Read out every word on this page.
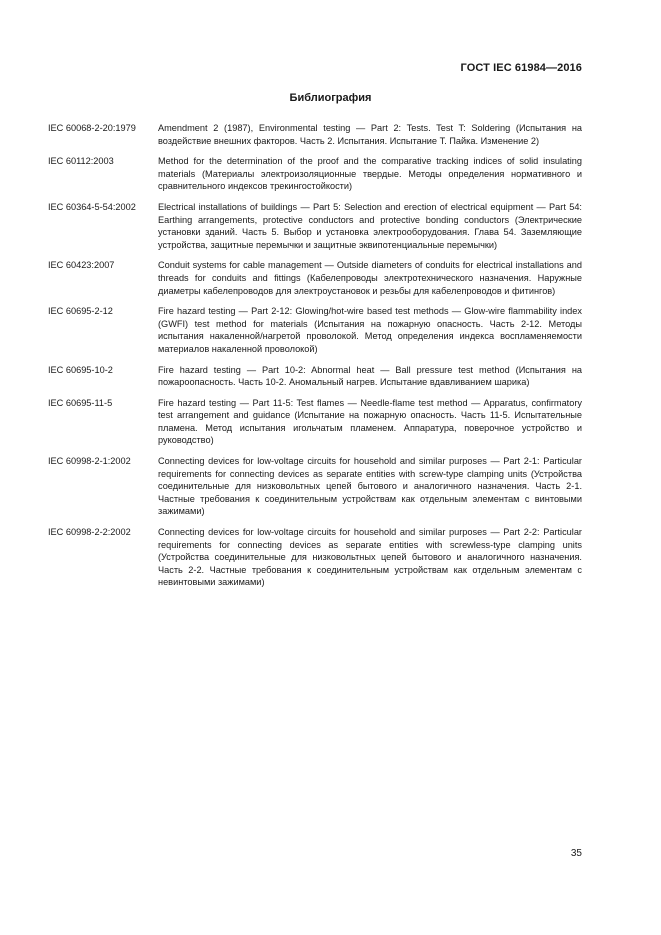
ГОСТ IEC 61984—2016
Библиография
IEC 60068-2-20:1979	Amendment 2 (1987), Environmental testing — Part 2: Tests. Test T: Soldering (Испытания на воздействие внешних факторов. Часть 2. Испытания. Испытание Т. Пайка. Изменение 2)
IEC 60112:2003	Method for the determination of the proof and the comparative tracking indices of solid insulating materials (Материалы электроизоляционные твердые. Методы определения нормативного и сравнительного индексов трекингостойкости)
IEC 60364-5-54:2002	Electrical installations of buildings — Part 5: Selection and erection of electrical equipment — Part 54: Earthing arrangements, protective conductors and protective bonding conductors (Электрические установки зданий. Часть 5. Выбор и установка электрооборудования. Глава 54. Заземляющие устройства, защитные перемычки и защитные эквипотенциальные перемычки)
IEC 60423:2007	Conduit systems for cable management — Outside diameters of conduits for electrical installations and threads for conduits and fittings (Кабелепроводы электротехнического назначения. Наружные диаметры кабелепроводов для электроустановок и резьбы для кабелепроводов и фитингов)
IEC 60695-2-12	Fire hazard testing — Part 2-12: Glowing/hot-wire based test methods — Glow-wire flammability index (GWFI) test method for materials (Испытания на пожарную опасность. Часть 2-12. Методы испытания накаленной/нагретой проволокой. Метод определения индекса воспламеняемости материалов накаленной проволокой)
IEC 60695-10-2	Fire hazard testing — Part 10-2: Abnormal heat — Ball pressure test method (Испытания на пожароопасность. Часть 10-2. Аномальный нагрев. Испытание вдавливанием шарика)
IEC 60695-11-5	Fire hazard testing — Part 11-5: Test flames — Needle-flame test method — Apparatus, confirmatory test arrangement and guidance (Испытание на пожарную опасность. Часть 11-5. Испытательные пламена. Метод испытания игольчатым пламенем. Аппаратура, поверочное устройство и руководство)
IEC 60998-2-1:2002	Connecting devices for low-voltage circuits for household and similar purposes — Part 2-1: Particular requirements for connecting devices as separate entities with screw-type clamping units (Устройства соединительные для низковольтных цепей бытового и аналогичного назначения. Часть 2-1. Частные требования к соединительным устройствам как отдельным элементам с винтовыми зажимами)
IEC 60998-2-2:2002	Connecting devices for low-voltage circuits for household and similar purposes — Part 2-2: Particular requirements for connecting devices as separate entities with screwless-type clamping units (Устройства соединительные для низковольтных цепей бытового и аналогичного назначения. Часть 2-2. Частные требования к соединительным устройствам как отдельным элементам с невинтовыми зажимами)
35
